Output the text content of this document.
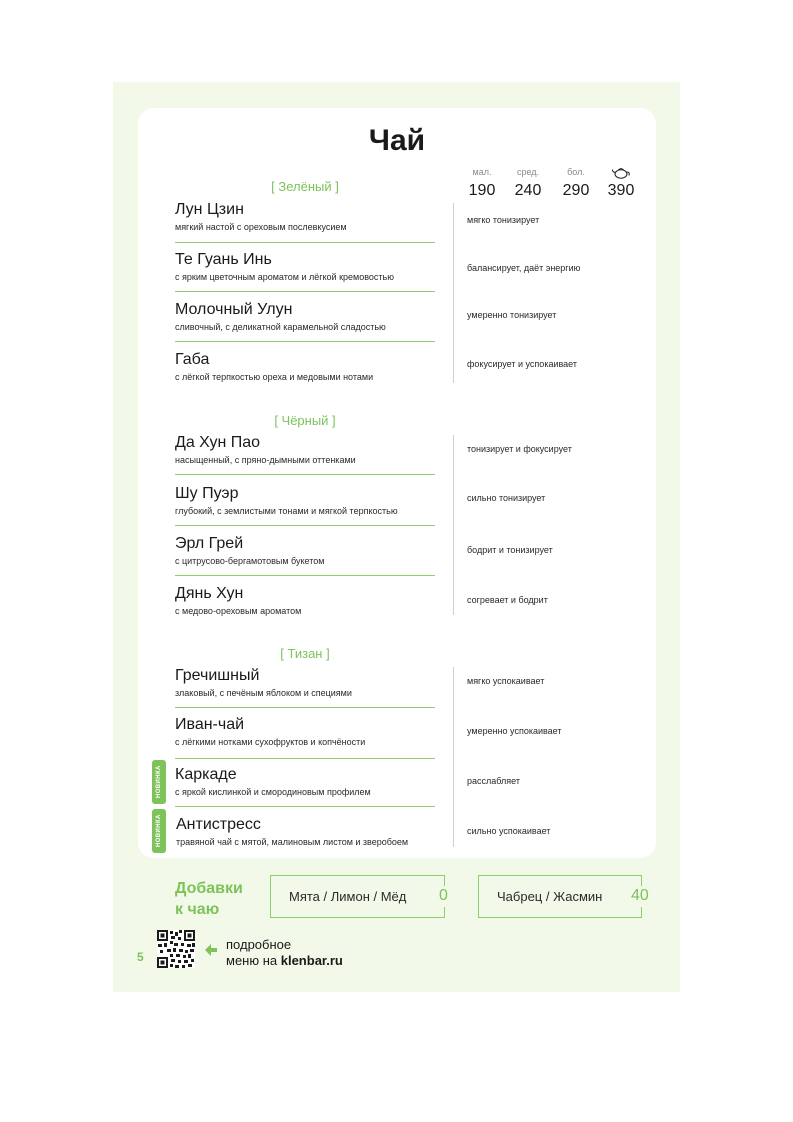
Чай
мал.
190
сред.
240
бол.
290	390
[ Зелёный ]
Лун Цзин
мягкий настой с ореховым послевкусием
мягко тонизирует
Те Гуань Инь
с ярким цветочным ароматом и лёгкой кремовостью
балансирует, даёт энергию
Молочный Улун
сливочный, с деликатной карамельной сладостью
умеренно тонизирует
Габа
с лёгкой терпкостью ореха и медовыми нотами
фокусирует и успокаивает
[ Чёрный ]
Да Хун Пао
насыщенный, с пряно-дымными оттенками
тонизирует и фокусирует
Шу Пуэр
глубокий, с землистыми тонами и мягкой терпкостью
сильно тонизирует
Эрл Грей
с цитрусово-бергамотовым букетом
бодрит и тонизирует
Дянь Хун
с медово-ореховым ароматом
согревает и бодрит
[ Тизан ]
Гречишный
злаковый, с печёным яблоком и специями
мягко успокаивает
Иван-чай
с лёгкими нотками сухофруктов и копчёности
умеренно успокаивает
НОВИНКА Каркаде
с яркой кислинкой и смородиновым профилем
расслабляет
НОВИНКА Антистресс
травяной чай с мятой, малиновым листом и зверобоем
сильно успокаивает
Добавки
к чаю
Мята / Лимон / Мёд 0	Чабрец / Жасмин 40
5
подробное
меню на klenbar.ru
